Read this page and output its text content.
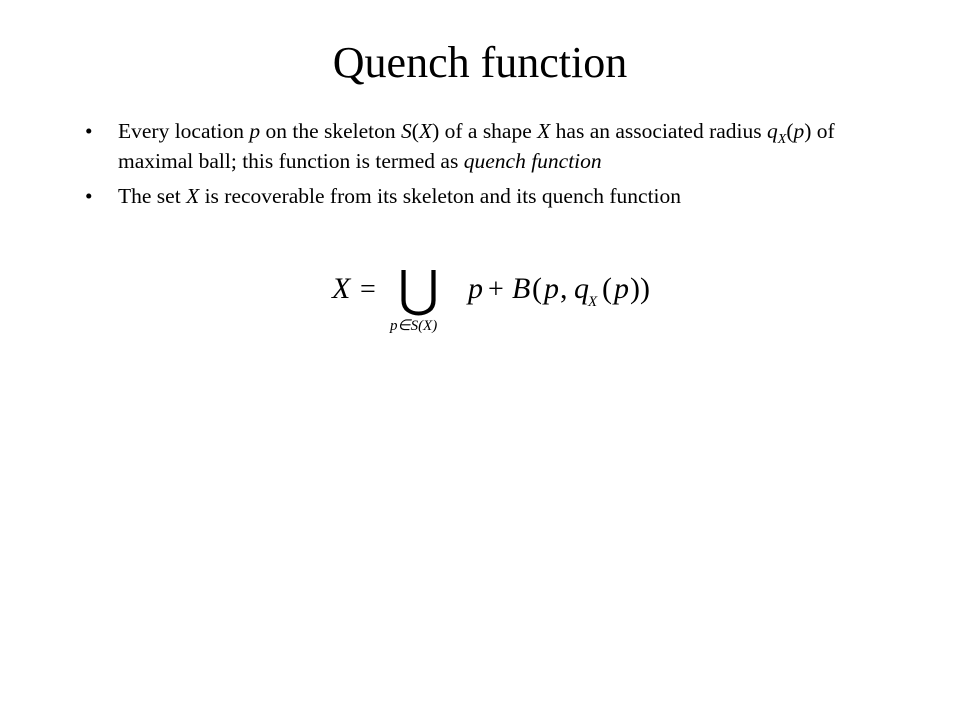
Quench function
• Every location p on the skeleton S(X) of a shape X has an associated radius $q_X(p)$ of maximal ball; this function is termed as quench function
• The set X is recoverable from its skeleton and its quench function
X = ⋃
p∈S(X)
p + B ( p , q X ( p ))
